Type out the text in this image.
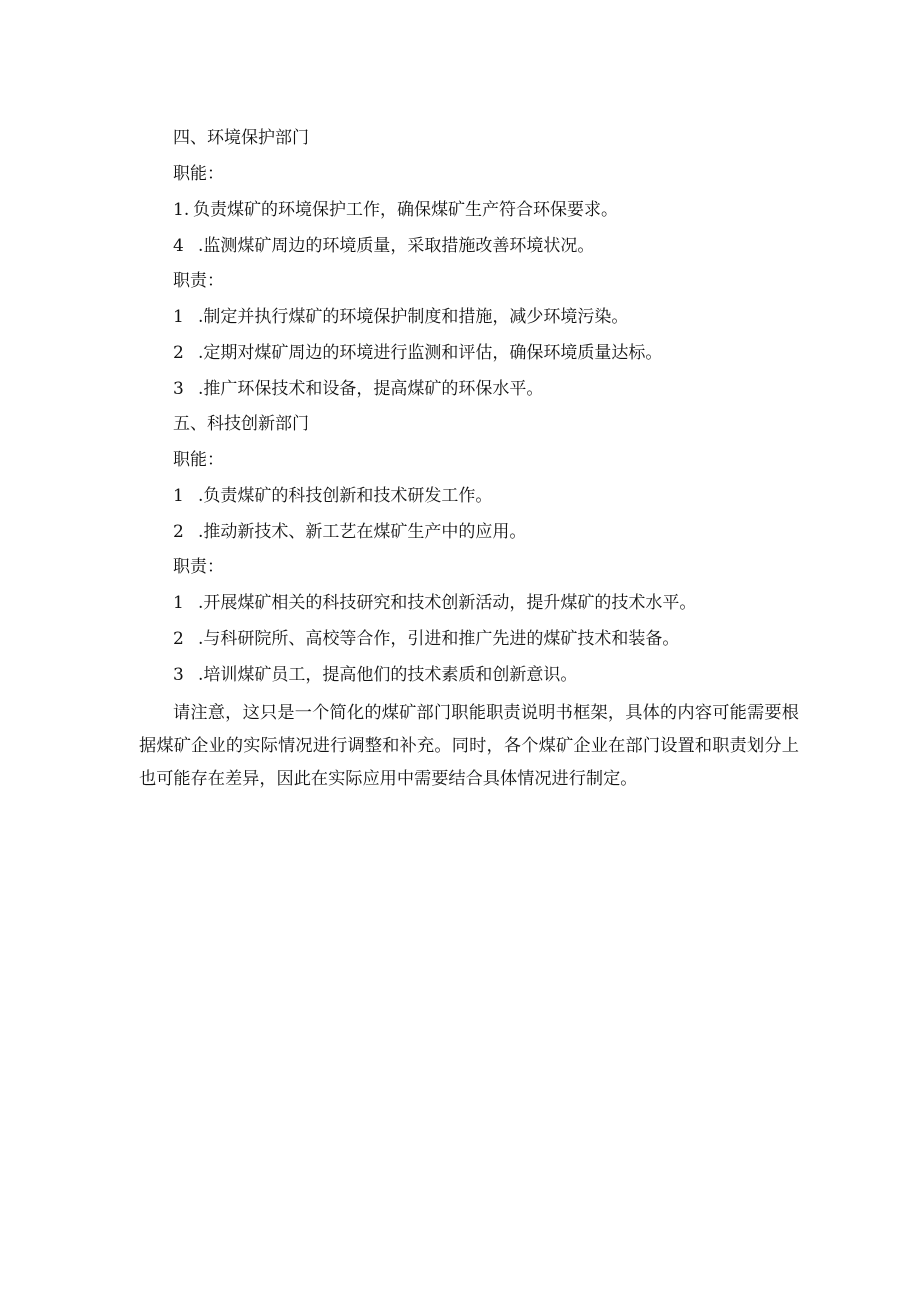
四、环境保护部门
职能：
1. 负责煤矿的环境保护工作，确保煤矿生产符合环保要求。
4 .监测煤矿周边的环境质量，采取措施改善环境状况。
职责：
1 .制定并执行煤矿的环境保护制度和措施，减少环境污染。
2 .定期对煤矿周边的环境进行监测和评估，确保环境质量达标。
3 .推广环保技术和设备，提高煤矿的环保水平。
五、科技创新部门
职能：
1 .负责煤矿的科技创新和技术研发工作。
2 .推动新技术、新工艺在煤矿生产中的应用。
职责：
1 .开展煤矿相关的科技研究和技术创新活动，提升煤矿的技术水平。
2 .与科研院所、高校等合作，引进和推广先进的煤矿技术和装备。
3 .培训煤矿员工，提高他们的技术素质和创新意识。

请注意，这只是一个简化的煤矿部门职能职责说明书框架，具体的内容可能需要根据煤矿企业的实际情况进行调整和补充。同时，各个煤矿企业在部门设置和职责划分上也可能存在差异，因此在实际应用中需要结合具体情况进行制定。
